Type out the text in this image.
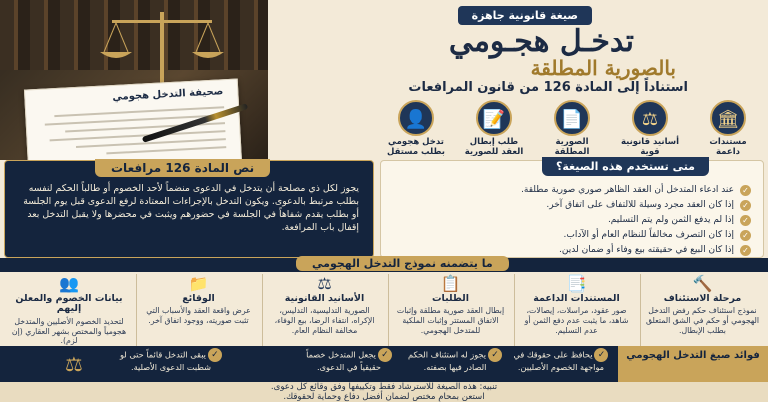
صحيفة التدخل هجومي
صيغة قانونية جاهزة
تدخـل هجـومي
بالصورية المطلقة
استناداً إلى المادة 126 من قانون المرافعات
🏛
مستندات داعمة
⚖
أسانيد قانونية قوية
📄
الصورية المطلقة
📝
طلب إبطال العقد للصورية
👤
تدخل هجومي بطلب مستقل
نص المادة 126 مرافعات
يجوز لكل ذي مصلحة أن يتدخل في الدعوى منضماً لأحد الخصوم أو طالباً الحكم لنفسه بطلب مرتبط بالدعوى. ويكون التدخل بالإجراءات المعتادة لرفع الدعوى قبل يوم الجلسة أو بطلب يقدم شفاهاً في الجلسة في حضورهم ويثبت في محضرها ولا يقبل التدخل بعد إقفال باب المرافعة.
متى تستخدم هذه الصيغة؟
✓
عند ادعاء المتدخل أن العقد الظاهر صوري صورية مطلقة.
✓
إذا كان العقد مجرد وسيلة للالتفاف على اتفاق آخر.
✓
إذا لم يدفع الثمن ولم يتم التسليم.
✓
إذا كان التصرف مخالفاً للنظام العام أو الآداب.
✓
إذا كان البيع في حقيقته بيع وفاء أو ضمان لدين.
ما يتضمنه نموذج التدخل الهجومي
🔨
مرحلة الاستئناف
نموذج استئناف حكم رفض التدخل الهجومي أو حكم في الشق المتعلق بطلب الإبطال.
📑
المستندات الداعمة
صور عقود، مراسلات، إيصالات، شاهد، ما يثبت عدم دفع الثمن أو عدم التسليم.
📋
الطلبات
إبطال العقد صورية مطلقة وإثبات الاتفاق المستتر وإثبات الملكية للمتدخل الهجومي.
⚖
الأسانيد القانونية
الصورية التدليسية، التدليس، الإكراه، انتفاء الرضا، بيع الوفاء، مخالفة النظام العام.
📁
الوقائع
عرض واقعة العقد والأسباب التي تثبت صوريته، ووجود اتفاق آخر.
👥
بيانات الخصوم والمعلن إليهم
لتحديد الخصوم الأصليين والمتدخل هجومياً والمختص بشهر العقاري (إن لزم).
فوائد صيغ التدخل الهجومي
✓يحافظ على حقوقك في مواجهة الخصوم الأصليين.
✓يجوز له استئناف الحكم الصادر فيها بصفته.
✓يجعل المتدخل خصماً حقيقياً في الدعوى.
✓يبقى التدخل قائماً حتى لو شطبت الدعوى الأصلية.
⚖
تنبيه: هذه الصيغة للاسترشاد فقط وتكييفها وفق وقائع كل دعوى.
استعن بمحامٍ مختص لضمان أفضل دفاع وحماية لحقوقك.
